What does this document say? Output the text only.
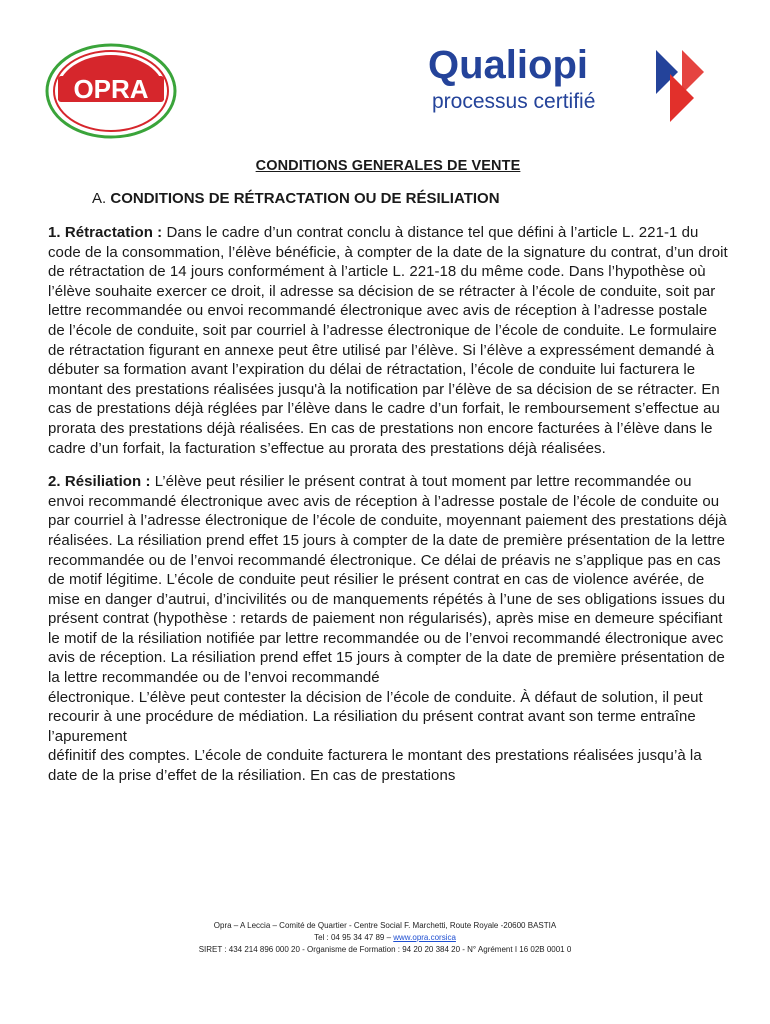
OPRA
Qualiopi
processus certifié
CONDITIONS GENERALES DE VENTE
A. CONDITIONS DE RÉTRACTATION OU DE RÉSILIATION

1. Rétractation : Dans le cadre d’un contrat conclu à distance tel que défini à l’article L. 221-1 du code de la consommation, l’élève bénéficie, à compter de la date de la signature du contrat, d’un droit de rétractation de 14 jours conformément à l’article L. 221-18 du même code. Dans l’hypothèse où l’élève souhaite exercer ce droit, il adresse sa décision de se rétracter à l’école de conduite, soit par lettre recommandée ou envoi recommandé électronique avec avis de réception à l’adresse postale de l’école de conduite, soit par courriel à l’adresse électronique de l’école de conduite. Le formulaire de rétractation figurant en annexe peut être utilisé par l’élève. Si l’élève a expressément demandé à débuter sa formation avant l’expiration du délai de rétractation, l’école de conduite lui facturera le montant des prestations réalisées jusqu'à la notification par l’élève de sa décision de se rétracter. En cas de prestations déjà réglées par l’élève dans le cadre d’un forfait, le remboursement s’effectue au prorata des prestations déjà réalisées. En cas de prestations non encore facturées à l’élève dans le cadre d’un forfait, la facturation s’effectue au prorata des prestations déjà réalisées.

2. Résiliation : L’élève peut résilier le présent contrat à tout moment par lettre recommandée ou envoi recommandé électronique avec avis de réception à l’adresse postale de l’école de conduite ou par courriel à l’adresse électronique de l’école de conduite, moyennant paiement des prestations déjà réalisées. La résiliation prend effet 15 jours à compter de la date de première présentation de la lettre recommandée ou de l’envoi recommandé électronique. Ce délai de préavis ne s’applique pas en cas de motif légitime. L’école de conduite peut résilier le présent contrat en cas de violence avérée, de mise en danger d’autrui, d’incivilités ou de manquements répétés à l’une de ses obligations issues du présent contrat (hypothèse : retards de paiement non régularisés), après mise en demeure spécifiant le motif de la résiliation notifiée par lettre recommandée ou de l’envoi recommandé électronique avec avis de réception. La résiliation prend effet 15 jours à compter de la date de première présentation de la lettre recommandée ou de l’envoi recommandé
électronique. L’élève peut contester la décision de l’école de conduite. À défaut de solution, il peut recourir à une procédure de médiation. La résiliation du présent contrat avant son terme entraîne l’apurement
définitif des comptes. L’école de conduite facturera le montant des prestations réalisées jusqu’à la date de la prise d’effet de la résiliation. En cas de prestations

Opra – A Leccia – Comité de Quartier - Centre Social F. Marchetti, Route Royale -20600 BASTIA
Tel : 04 95 34 47 89 – www.opra.corsica
SIRET : 434 214 896 000 20 - Organisme de Formation : 94 20 20 384 20 - N° Agrément I 16 02B 0001 0
